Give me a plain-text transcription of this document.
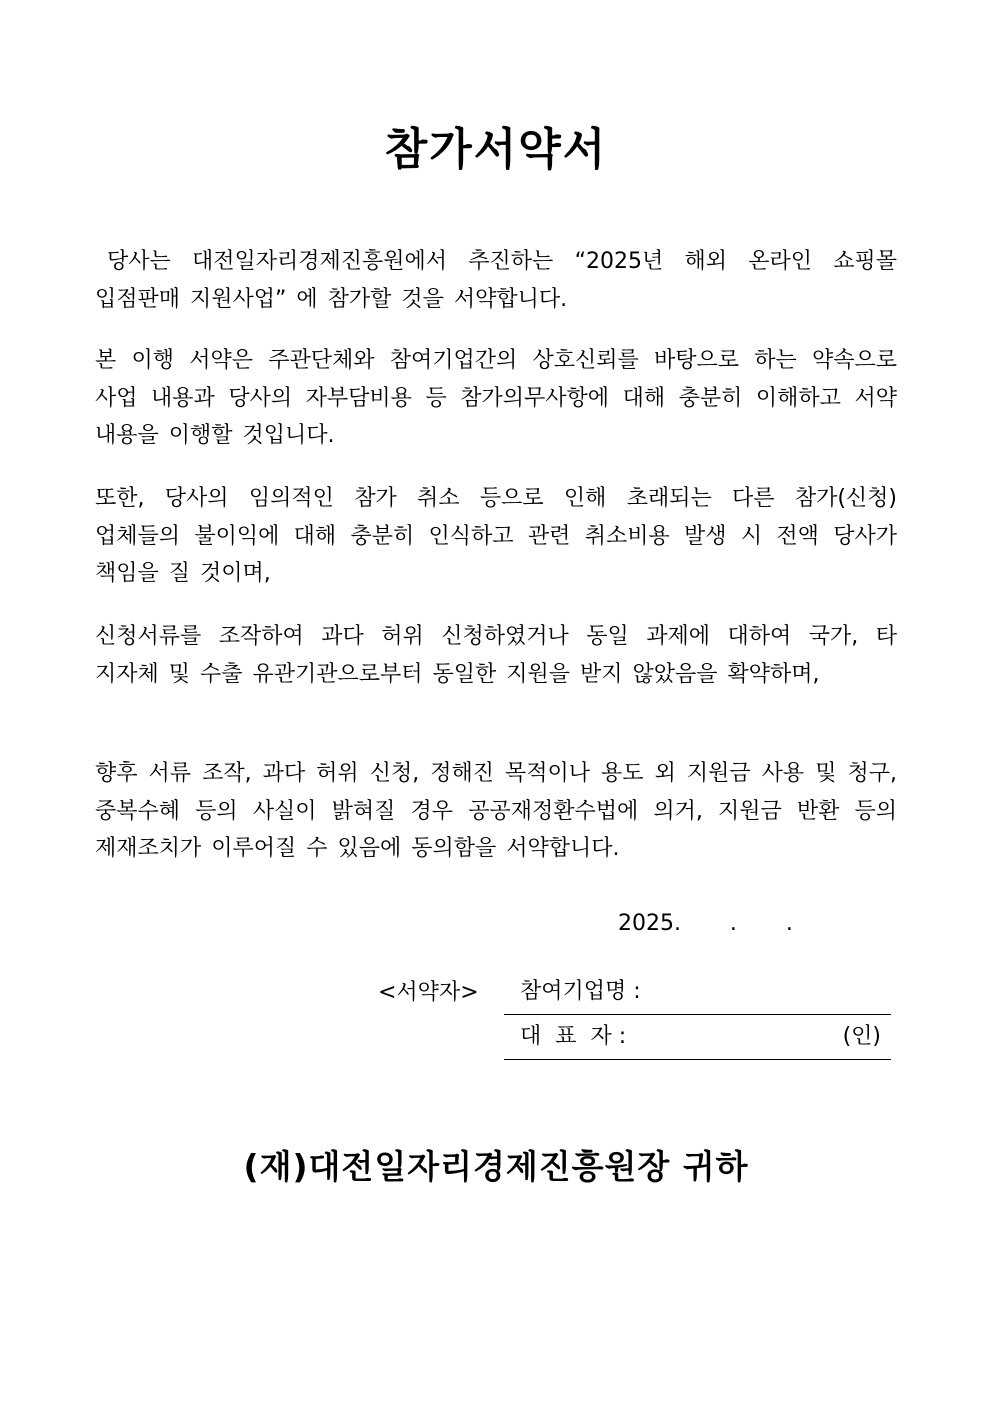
참가서약서

당사는 대전일자리경제진흥원에서 추진하는 “2025년 해외 온라인 쇼핑몰 입점판매 지원사업” 에 참가할 것을 서약합니다.

본 이행 서약은 주관단체와 참여기업간의 상호신뢰를 바탕으로 하는 약속으로 사업 내용과 당사의 자부담비용 등 참가의무사항에 대해 충분히 이해하고 서약 내용을 이행할 것입니다.

또한, 당사의 임의적인 참가 취소 등으로 인해 초래되는 다른 참가(신청) 업체들의 불이익에 대해 충분히 인식하고 관련 취소비용 발생 시 전액 당사가 책임을 질 것이며,

신청서류를 조작하여 과다 허위 신청하였거나 동일 과제에 대하여 국가, 타 지자체 및 수출 유관기관으로부터 동일한 지원을 받지 않았음을 확약하며,

향후 서류 조작, 과다 허위 신청, 정해진 목적이나 용도 외 지원금 사용 및 청구, 중복수혜 등의 사실이 밝혀질 경우 공공재정환수법에 의거, 지원금 반환 등의 제재조치가 이루어질 수 있음에 동의함을 서약합니다.

2025.       .       .
<서약자> 참여기업명 :
대  표  자 :	(인)
(재)대전일자리경제진흥원장 귀하
